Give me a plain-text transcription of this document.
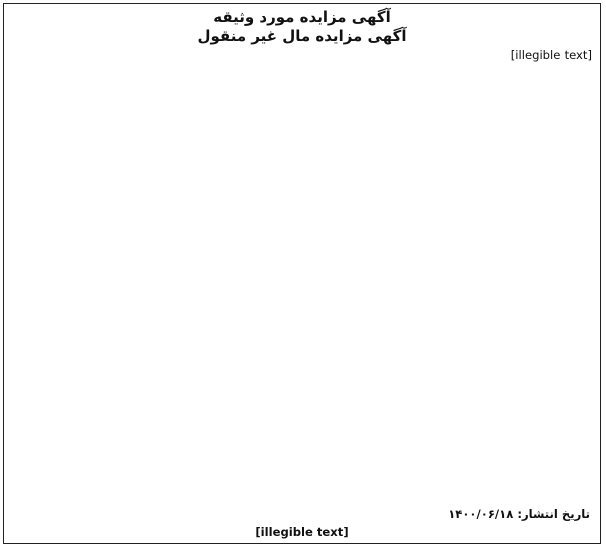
آگهی مزایده مورد وثیقه
آگهی مزایده مال غیر منقول
[illegible text]
تاریخ انتشار: ۱۴۰۰/۰۶/۱۸
[illegible text]
